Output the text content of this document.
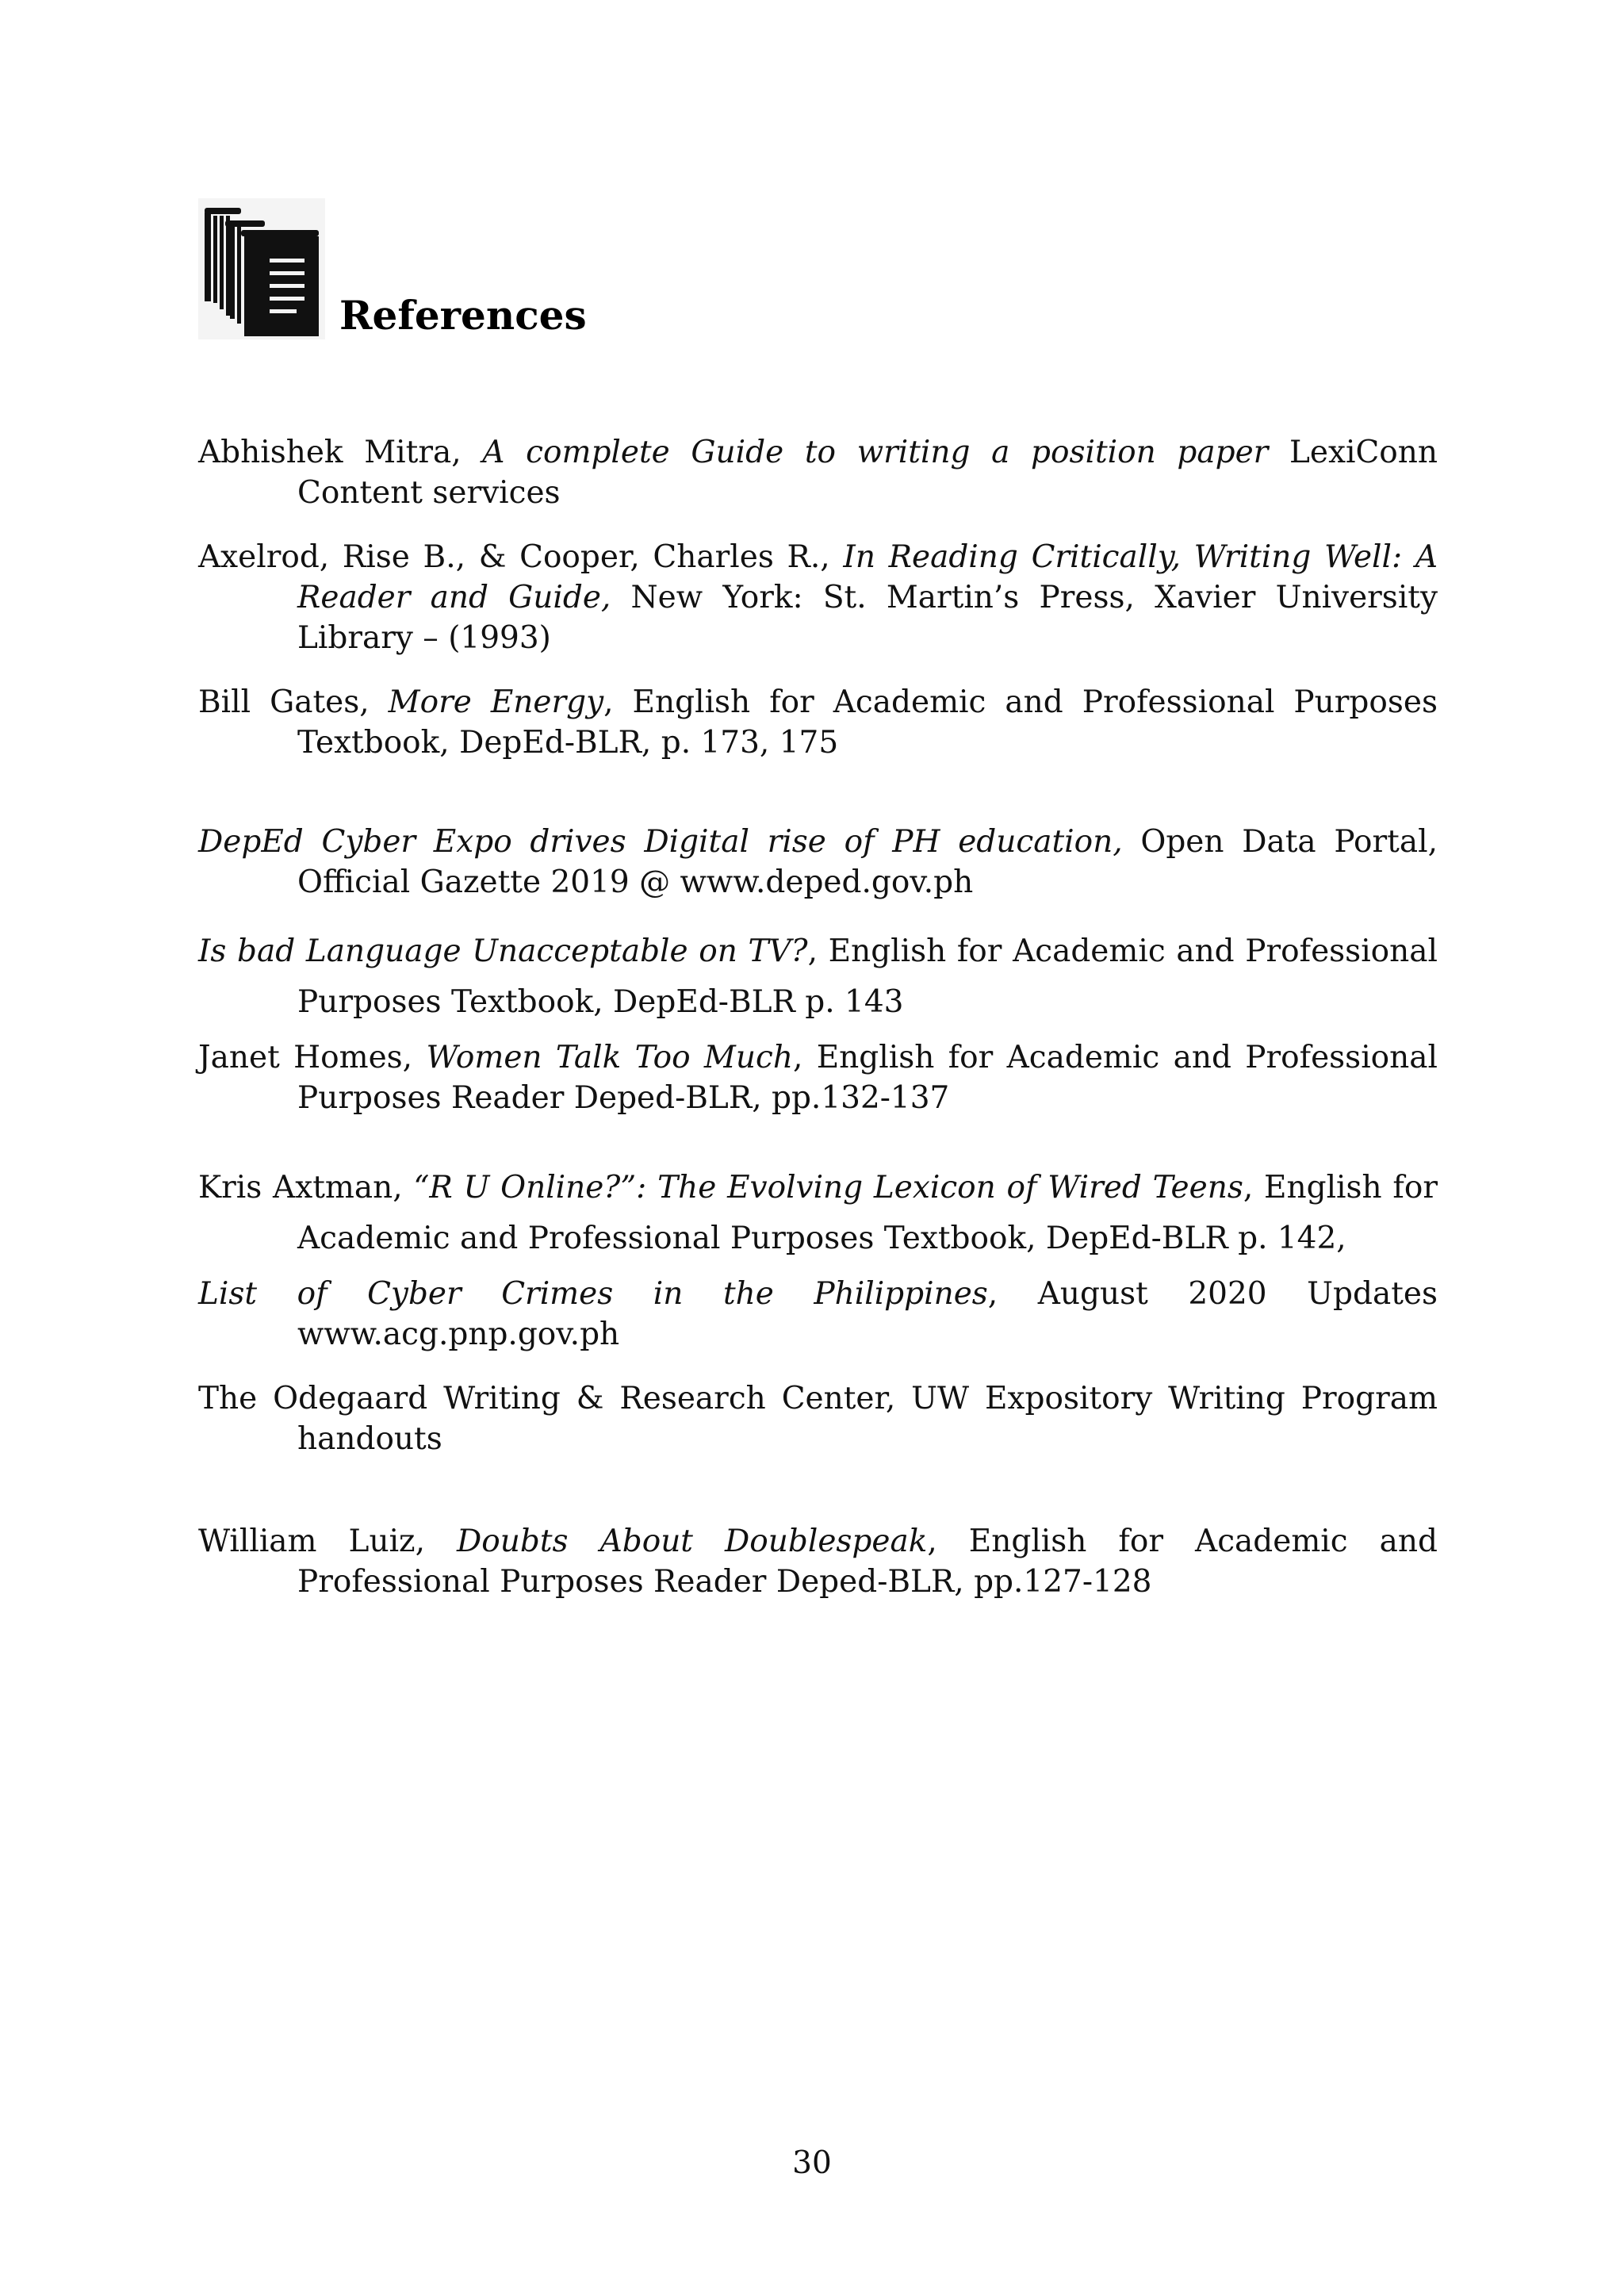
References
Abhishek Mitra, A complete Guide to writing a position paper LexiConn Content services
Axelrod, Rise B., & Cooper, Charles R., In Reading Critically, Writing Well: A Reader and Guide, New York: St. Martin’s Press, Xavier University Library – (1993)
Bill Gates, More Energy, English for Academic and Professional Purposes Textbook, DepEd-BLR, p. 173, 175
DepEd Cyber Expo drives Digital rise of PH education, Open Data Portal, Official Gazette 2019 @ www.deped.gov.ph
Is bad Language Unacceptable on TV?, English for Academic and Professional Purposes Textbook, DepEd-BLR p. 143
Janet Homes, Women Talk Too Much, English for Academic and Professional Purposes Reader Deped-BLR, pp.132-137
Kris Axtman, “R U Online?”: The Evolving Lexicon of Wired Teens, English for Academic and Professional Purposes Textbook, DepEd-BLR p. 142,
List of Cyber Crimes in the Philippines, August 2020 Updates www.acg.pnp.gov.ph
The Odegaard Writing & Research Center, UW Expository Writing Program handouts
William Luiz, Doubts About Doublespeak, English for Academic and Professional Purposes Reader Deped-BLR, pp.127-128

30
